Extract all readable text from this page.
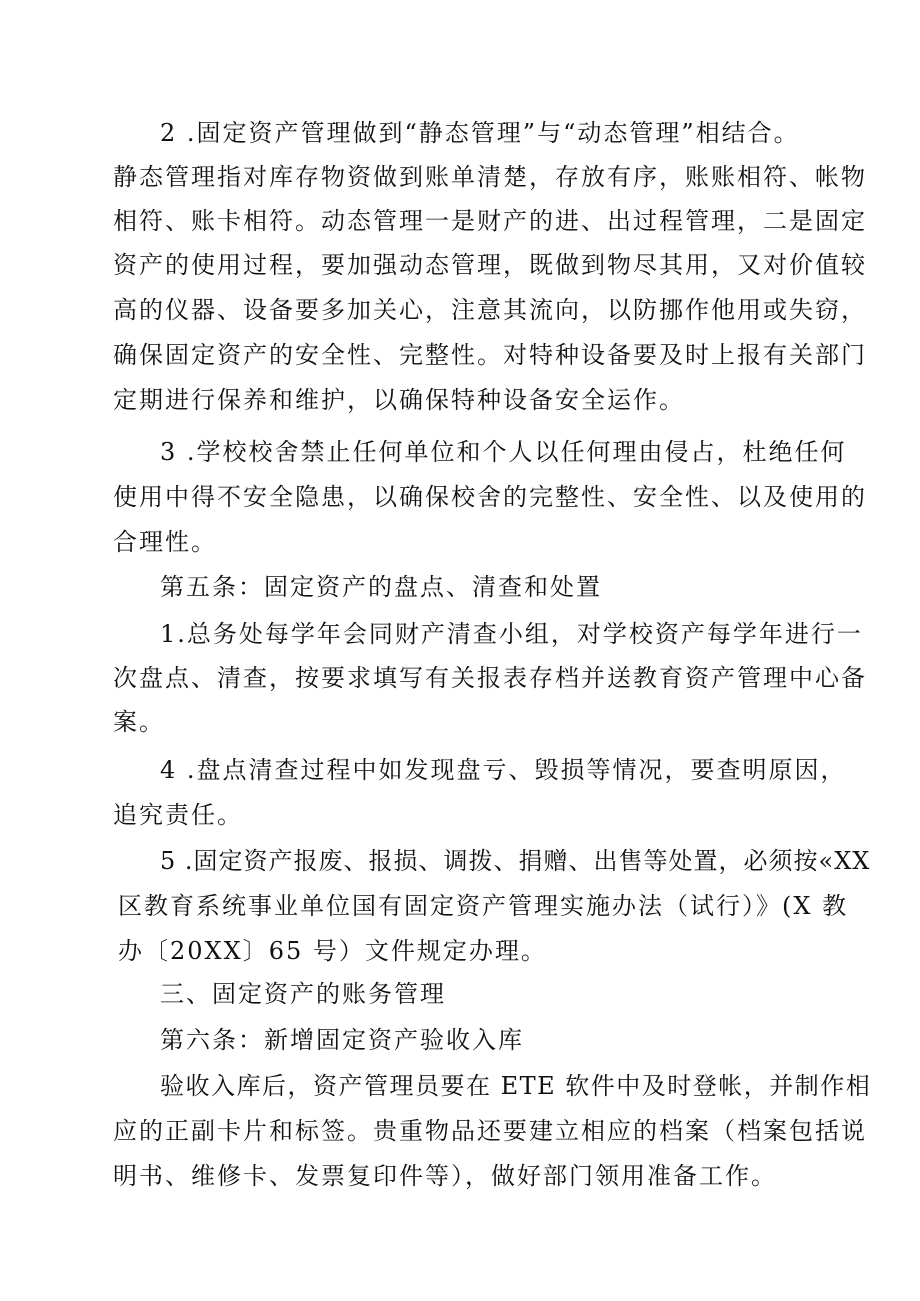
2 .固定资产管理做到“静态管理”与“动态管理”相结合。
静态管理指对库存物资做到账单清楚，存放有序，账账相符、帐物
相符、账卡相符。动态管理一是财产的进、出过程管理，二是固定
资产的使用过程，要加强动态管理，既做到物尽其用，又对价值较
高的仪器、设备要多加关心，注意其流向，以防挪作他用或失窃，
确保固定资产的安全性、完整性。对特种设备要及时上报有关部门
定期进行保养和维护，以确保特种设备安全运作。
3 .学校校舍禁止任何单位和个人以任何理由侵占，杜绝任何
使用中得不安全隐患，以确保校舍的完整性、安全性、以及使用的
合理性。
第五条：固定资产的盘点、清查和处置
1.总务处每学年会同财产清查小组，对学校资产每学年进行一
次盘点、清查，按要求填写有关报表存档并送教育资产管理中心备
案。
4 .盘点清查过程中如发现盘亏、毁损等情况，要查明原因，
追究责任。
5 .固定资产报废、报损、调拨、捐赠、出售等处置，必须按«XX
区教育系统事业单位国有固定资产管理实施办法（试行）》(X 教
办〔20XX〕65 号）文件规定办理。
三、固定资产的账务管理
第六条：新增固定资产验收入库
验收入库后，资产管理员要在 ETE 软件中及时登帐，并制作相
应的正副卡片和标签。贵重物品还要建立相应的档案（档案包括说
明书、维修卡、发票复印件等），做好部门领用准备工作。
